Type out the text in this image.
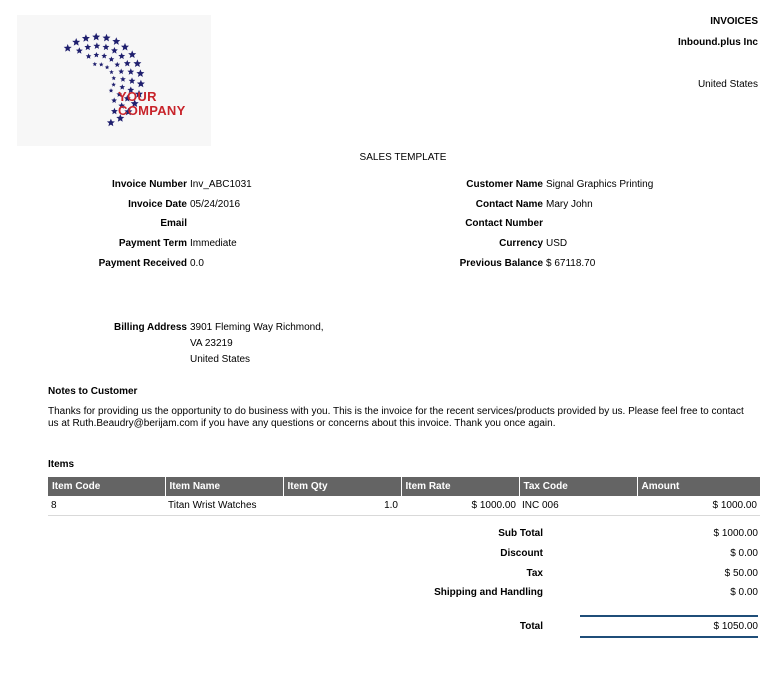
YOUR
COMPANY
INVOICES
Inbound.plus Inc
United States
SALES TEMPLATE
Invoice Number Inv_ABC1031
Invoice Date 05/24/2016
Email
Payment Term Immediate
Payment Received 0.0
Customer Name Signal Graphics Printing
Contact Name Mary John
Contact Number
Currency USD
Previous Balance $ 67118.70
Billing Address 3901 Fleming Way Richmond,
VA 23219
United States
Notes to Customer
Thanks for providing us the opportunity to do business with you. This is the invoice for the recent services/products provided by us. Please feel free to contact us at Ruth.Beaudry@berijam.com if you have any questions or concerns about this invoice. Thank you once again.
Items
Item Code	Item Name	Item Qty	Item Rate	Tax Code	Amount
8	Titan Wrist Watches	1.0	$ 1000.00	INC 006	$ 1000.00
Sub Total	$ 1000.00
Discount	$ 0.00
Tax	$ 50.00
Shipping and Handling	$ 0.00
Total	$ 1050.00
